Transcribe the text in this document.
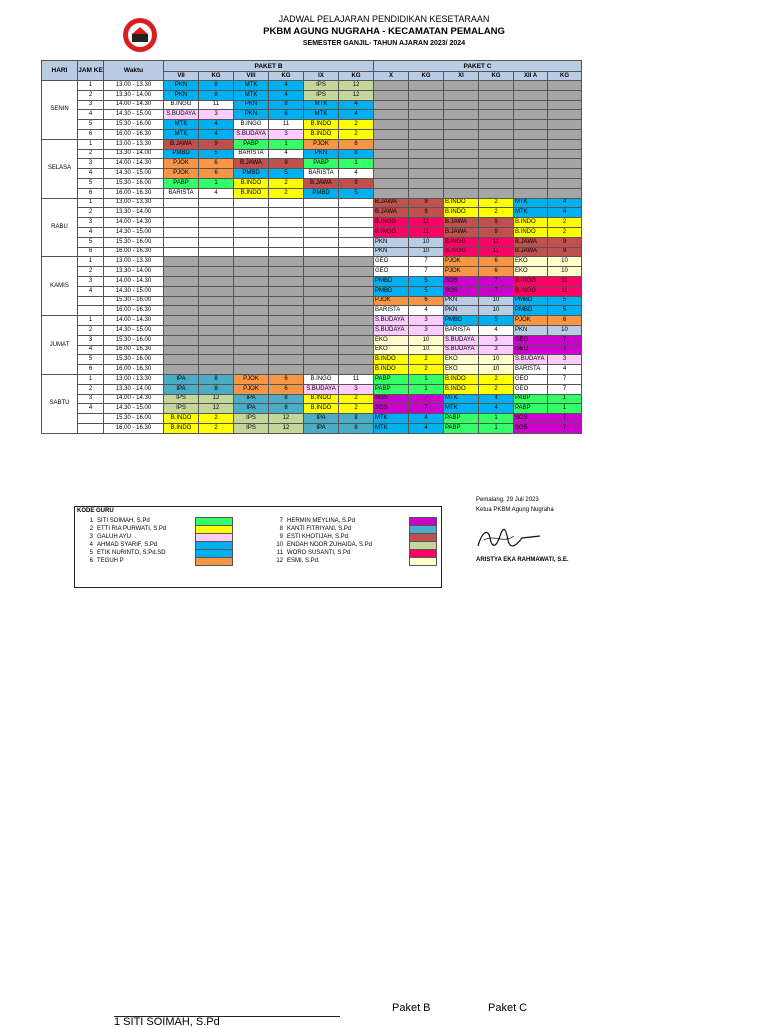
JADWAL PELAJARAN PENDIDIKAN KESETARAAN
PKBM AGUNG NUGRAHA - KECAMATAN PEMALANG
SEMESTER GANJIL- TAHUN AJARAN 2023/ 2024
HARI	JAM KE	Waktu	PAKET B						PAKET C					
			VII	KG	VIII	KG	IX	KG	X	KG	XI	KG	XII A	KG
SENIN	1	13.00 - 13.30	PKN	8	MTK	4	IPS	12						
	2	13.30 - 14.00	PKN	8	MTK	4	IPS	12						
	3	14.00 - 14.30	B.INGG	11	PKN	8	MTK	4						
	4	14.30 - 15.00	S.BUDAYA	3	PKN	8	MTK	4						
	5	15.30 - 16.00	MTK	4	B.INGG	11	B.INDO	2						
	6	16.00 - 16.30	MTK	4	S.BUDAYA	3	B.INDO	2						
SELASA	1	13.00 - 13.30	B.JAWA	9	PABP	1	PJOK	6						
	2	13.30 - 14.00	PMBD	5	BARISTA	4	PKN	8						
	3	14.00 - 14.30	PJOK	6	B.JAWA	9	PABP	1						
	4	14.30 - 15.00	PJOK	6	PMBD	5	BARISTA	4						
	5	15.30 - 16.00	PABP	1	B.INDO	2	B.JAWA	9						
	6	16.00 - 16.30	BARISTA	4	B.INDO	2	PMBD	5						
RABU	1	13.00 - 13.30							B.JAWA	9	B.INDO	2	MTK	4
	2	13.30 - 14.00							B.JAWA	9	B.INDO	2	MTK	4
	3	14.00 - 14.30							B.INGG	11	B.JAWA	9	B.INDO	2
	4	14.30 - 15.00							B.INGG	11	B.JAWA	9	B.INDO	2
	5	15.30 - 16.00							PKN	10	B.INGG	11	B.JAWA	9
	6	16.00 - 16.30							PKN	10	B.INGG	11	B.JAWA	9
KAMIS	1	13.00 - 13.30							GEO	7	PJOK	6	EKO	10
	2	13.30 - 14.00							GEO	7	PJOK	6	EKO	10
	3	14.00 - 14.30							PMBD	5	SOS	7	B.INGG	11
	4	14.30 - 15.00							PMBD	5	SOS	7	B.INGG	11
		15.30 - 16.00							PJOK	6	PKN	10	PMBD	5
		16.00 - 16.30							BARISTA	4	PKN	10	PMBD	5
JUMAT	1	14.00 - 14.30							S.BUDAYA	3	PMBD	5	PJOK	6
	2	14.30 - 15.00							S.BUDAYA	3	BARISTA	4	PKN	10
	3	15.30 - 16.00							EKO	10	S.BUDAYA	3	GEO	7
	4	16.00 - 16.30							EKO	10	S.BUDAYA	3	GEO	7
	5	15.30 - 16.00							B.INDO	2	EKO	10	S.BUDAYA	3
	6	16.00 - 16.30							B.INDO	2	EKO	10	BARISTA	4
SABTU	1	13.00 - 13.30	IPA	8	PJOK	6	B.INGG	11	PABP	1	B.INDO	2	GEO	7
	2	13.30 - 14.00	IPA	8	PJOK	6	S.BUDAYA	3	PABP	1	B.INDO	2	GEO	7
	3	14.00 - 14.30	IPS	12	IPA	8	B.INDO	2	SOS	7	MTK	4	PABP	1
	4	14.30 - 15.00	IPS	12	IPA	8	B.INDO	2	SOS	7	MTK	4	PABP	1
		15.30 - 16.00	B.INDO	2	IPS	12	IPA	8	MTK	4	PABP	1	SOS	7
		16.00 - 16.30	B.INDO	2	IPS	12	IPA	8	MTK	4	PABP	1	SOS	7
KODE GURU
1 SITI SOIMAH, S.Pd
2 ETTI RIA PURWATI, S.Pd
3 GALUH AYU
4 AHMAD SYARIF, S.Pd
5 ETIK NURINTO, S.Pd.SD
6 TEGUH P
7 HERMIN MEYLINA, S.Pd
8 KANTI FITRIYANI, S.Pd
9 ESTI KHOTIJAH, S.Pd
10 ENDAH NOOR ZUHAIDA, S.Pd
11 WORO SUSANTI, S.Pd
12 ESMI, S.Pd.
Pemalang, 29 Juli 2023
Ketua PKBM Agung Nugraha
ARISTYA EKA RAHMAWATI, S.E.
Paket B	Paket C
1 SITI SOIMAH, S.Pd
